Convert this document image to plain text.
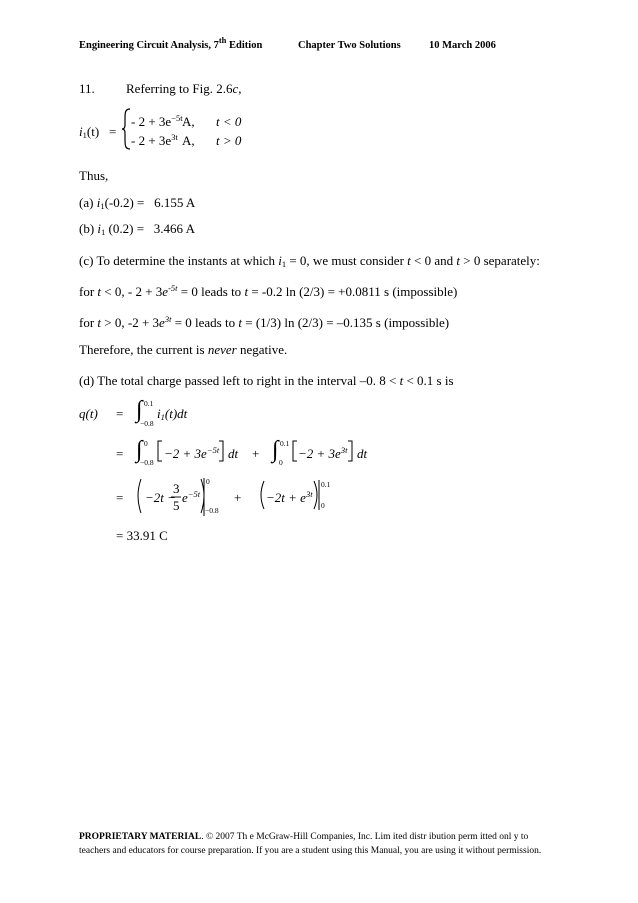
Engineering Circuit Analysis, 7th Edition	Chapter Two Solutions	10 March 2006
11. Referring to Fig. 2.6c,
$i_1(t)$ =
- $2 + 3e^{-5t}$ A, t < 0
- $2 + 3e^{3t}$ A, t > 0
Thus,
(a) $i_1(-0.2) = 6.155$ A
(b) $i_1$ (0.2) = 3.466 A
(c) To determine the instants at which $i_1 = 0$, we must consider t < 0 and t > 0 separately:
for t < 0, - $2 + 3e^{-5t} = 0$ leads to t = -0.2 ln (2/3) = +0.0811 s (impossible)
for t > 0, $-2 + 3e^{3t} = 0$ leads to t = (1/3) ln (2/3) = –0.135 s (impossible)
Therefore, the current is never negative.
(d) The total charge passed left to right in the interval –0. 8 < t < 0.1 s is
q(t) = ∫ 0.1
−0.8
$i_1(t)dt$
= ∫ 0
−0.8
$-2 + 3e^{-5t}$ dt + ∫ 0.1
0
$-2 + 3e^{3t}$ dt
= −2t −
3
5
$e^{-5t}$
0
−0.8
+ $-2t + e^{3t}$
0.1
0
= 33.91 C
PROPRIETARY MATERIAL. © 2007 Th e McGraw-Hill Companies, Inc. Lim ited distr ibution perm itted onl y to
teachers and educators for course preparation. If you are a student using this Manual, you are using it without permission.
